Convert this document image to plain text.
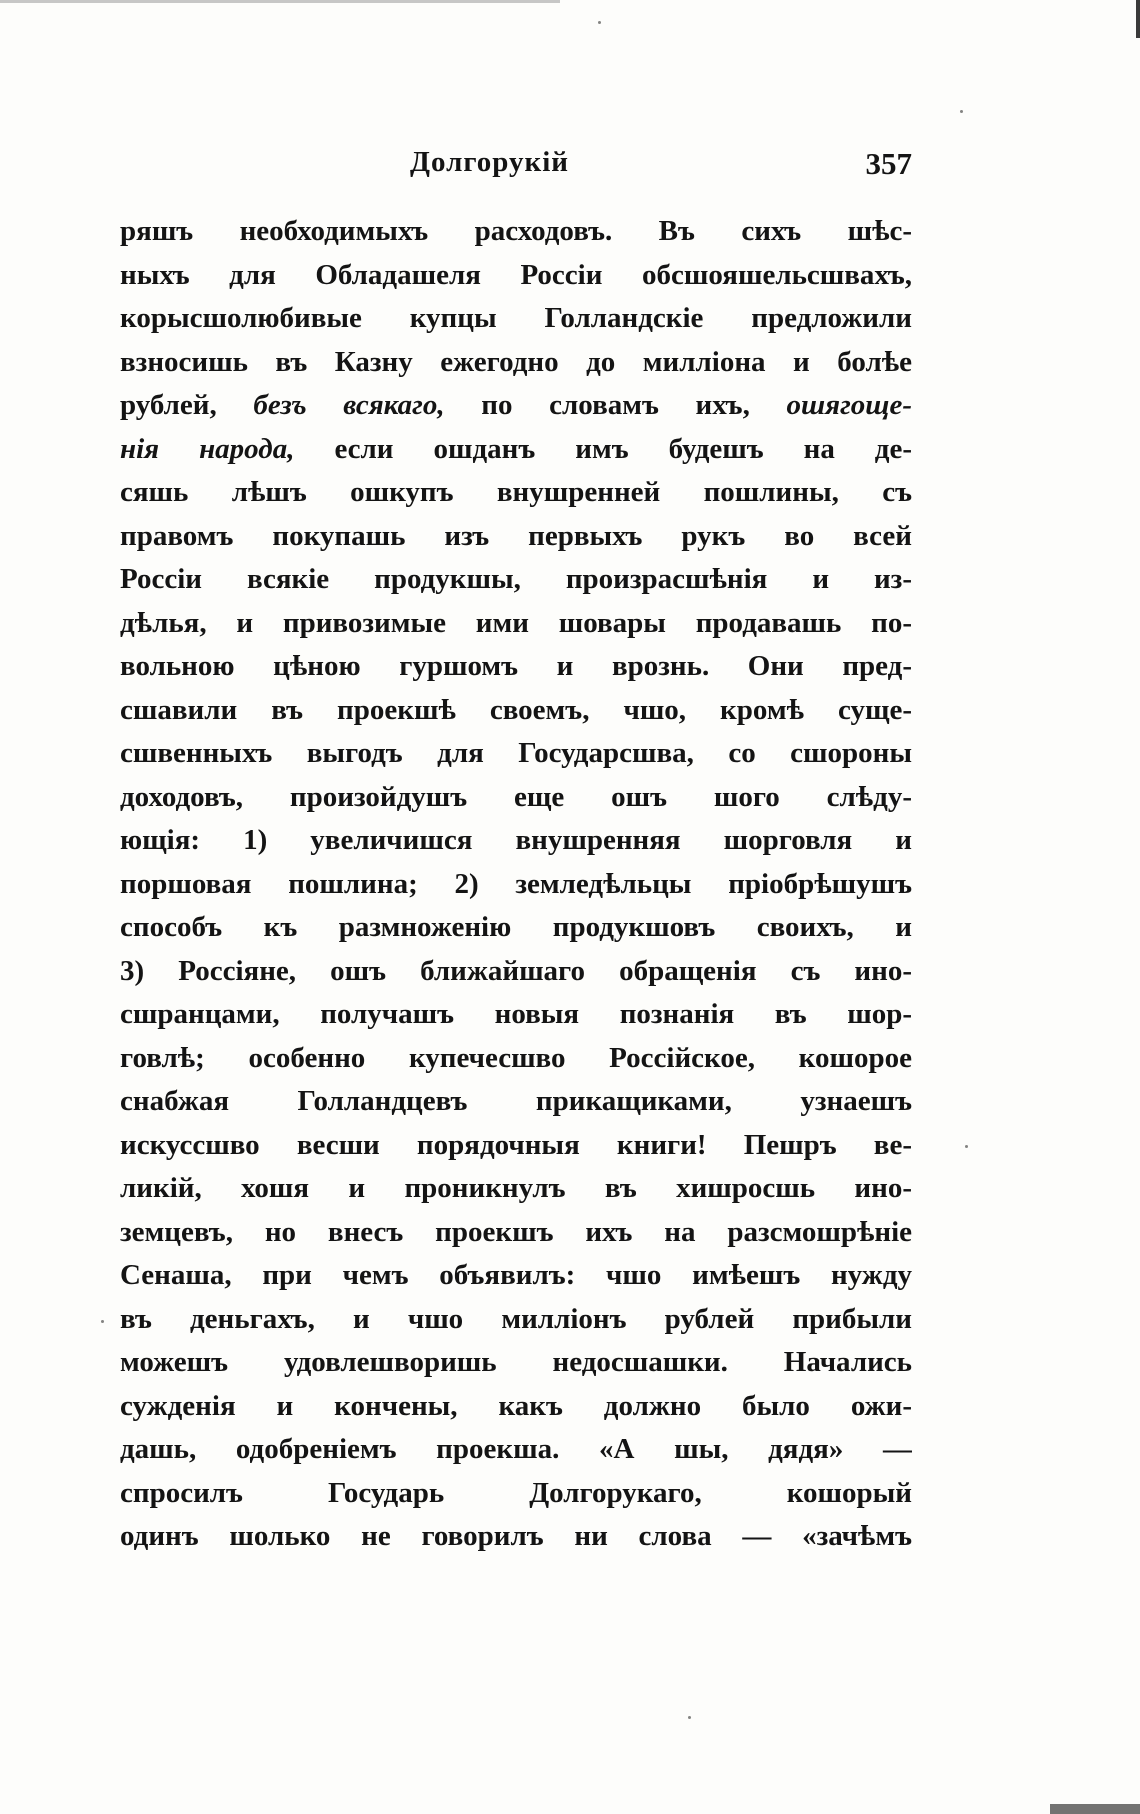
Долгорукій	357
ряшъ необходимыхъ расходовъ. Въ сихъ шѣс-
ныхъ для Обладашеля Россіи обсшояшельсшвахъ,
корысшолюбивые купцы Голландскіе предложили
взносишь въ Казну ежегодно до милліона и болѣе
рублей, безъ всякаго, по словамъ ихъ, ошягоще-
нія народа, если ошданъ имъ будешъ на де-
сяшь лѣшъ ошкупъ внушренней пошлины, съ
правомъ покупашь изъ первыхъ рукъ во всей
Россіи всякіе продукшы, произрасшѣнія и из-
дѣлья, и привозимые ими шовары продавашь по-
вольною цѣною гуршомъ и врознь. Они пред-
сшавили въ проекшѣ своемъ, чшо, кромѣ суще-
сшвенныхъ выгодъ для Государсшва, со сшороны
доходовъ, произойдушъ еще ошъ шого слѣду-
ющія: 1) увеличишся внушренняя шорговля и
поршовая пошлина; 2) земледѣльцы пріобрѣшушъ
способъ къ размноженію продукшовъ своихъ, и
3) Россіяне, ошъ ближайшаго обращенія съ ино-
сшранцами, получашъ новыя познанія въ шор-
говлѣ; особенно купечесшво Россійское, кошорое
снабжая Голландцевъ прикащиками, узнаешъ
искуссшво весши порядочныя книги! Пешръ ве-
ликій, хошя и проникнулъ въ хишросшь ино-
земцевъ, но внесъ проекшъ ихъ на разсмошрѣніе
Сенаша, при чемъ объявилъ: чшо имѣешъ нужду
въ деньгахъ, и чшо милліонъ рублей прибыли
можешъ удовлешворишь недосшашки. Начались
сужденія и кончены, какъ должно было ожи-
дашь, одобреніемъ проекша. «А шы, дядя» —
спросилъ Государь Долгорукаго, кошорый
одинъ шолько не говорилъ ни слова — «зачѣмъ
